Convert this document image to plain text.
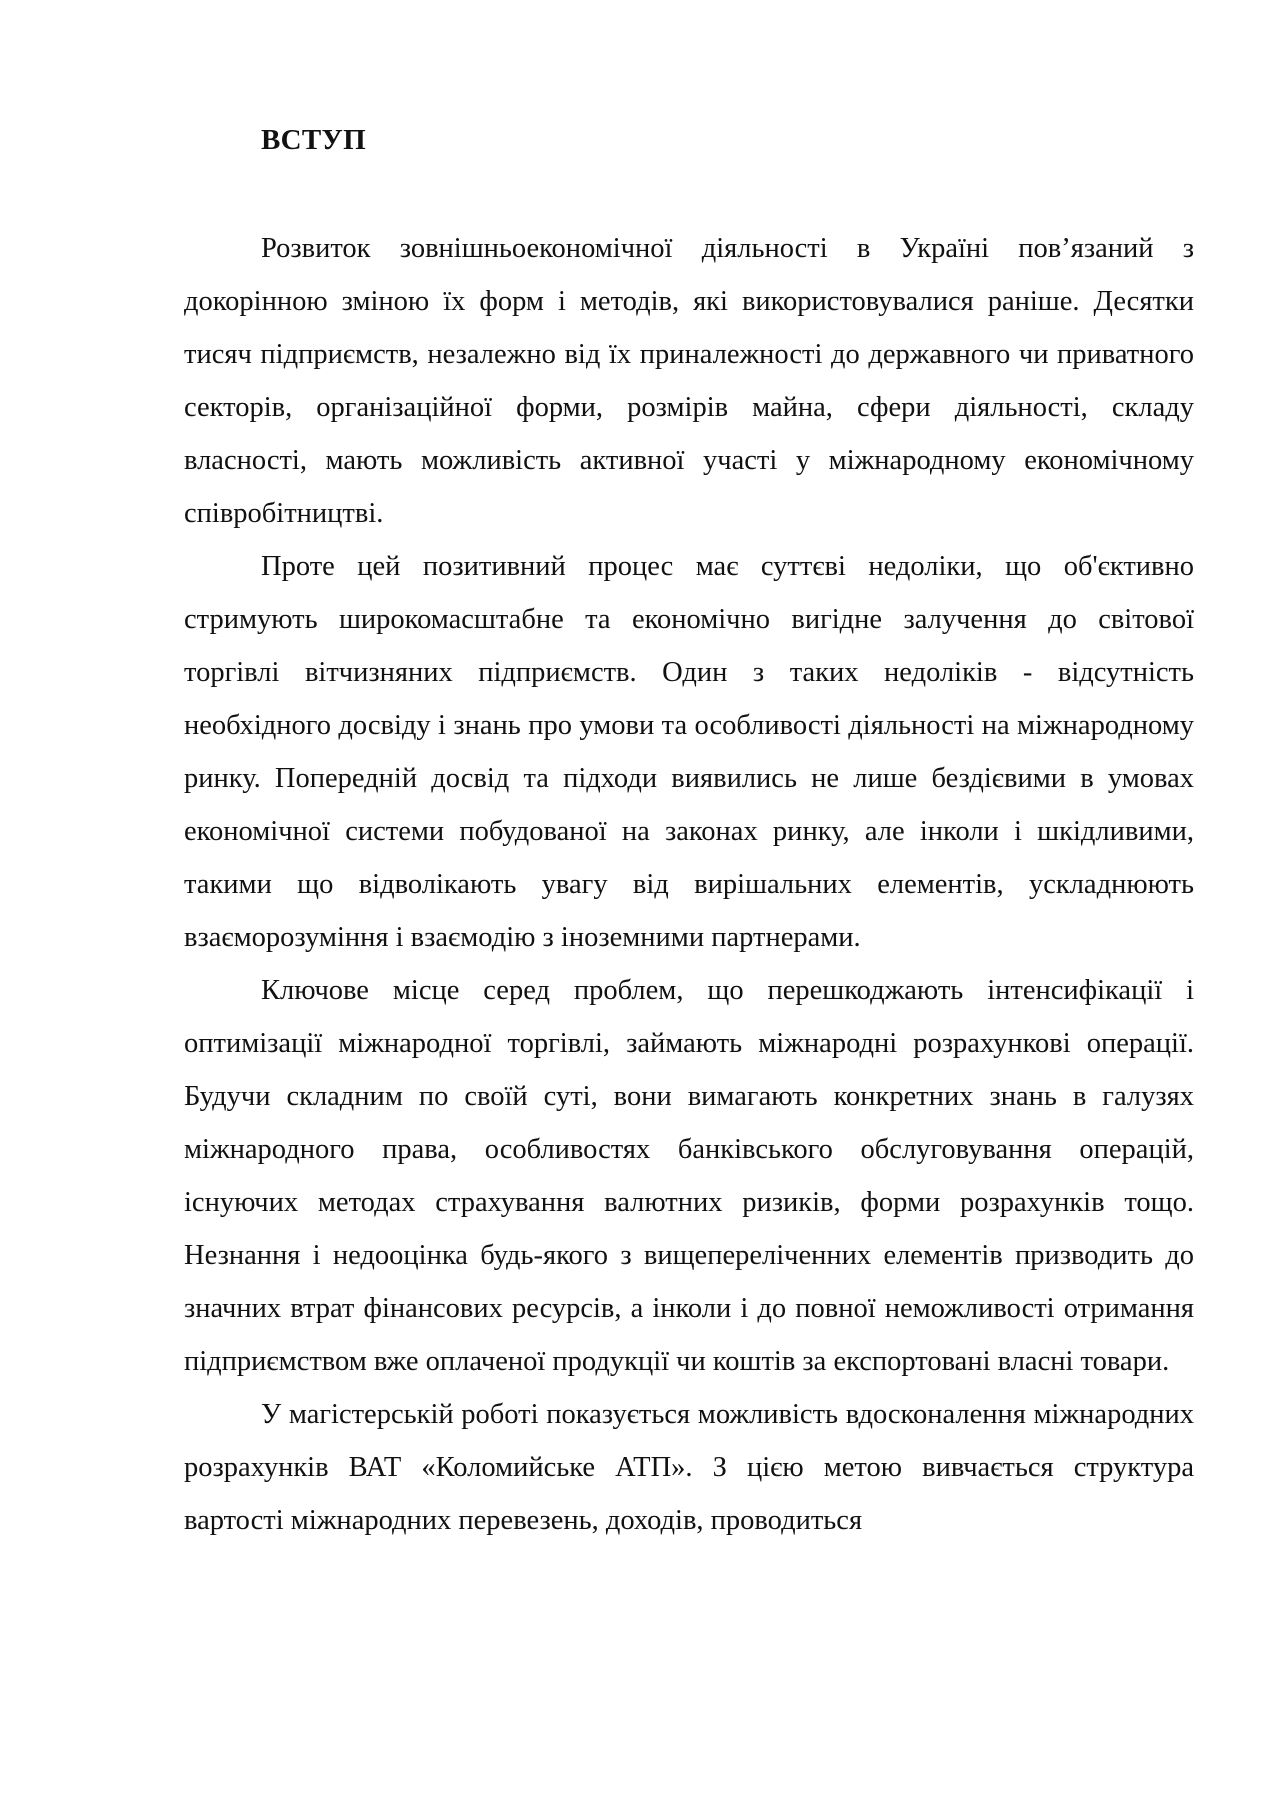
ВСТУП

Розвиток зовнішньоекономічної діяльності в Україні пов’язаний з докорінною зміною їх форм і методів, які використовувалися раніше. Десятки тисяч підприємств, незалежно від їх приналежності до державного чи приватного секторів, організаційної форми, розмірів майна, сфери діяльності, складу власності, мають можливість активної участі у міжнародному економічному співробітництві.

Проте цей позитивний процес має суттєві недоліки, що об'єктивно стримують широкомасштабне та економічно вигідне залучення до світової торгівлі вітчизняних підприємств. Один з таких недоліків - відсутність необхідного досвіду і знань про умови та особливості діяльності на міжнародному ринку. Попередній досвід та підходи виявились не лише бездієвими в умовах економічної системи побудованої на законах ринку, але інколи і шкідливими, такими що відволікають увагу від вирішальних елементів, ускладнюють взаєморозуміння і взаємодію з іноземними партнерами.

Ключове місце серед проблем, що перешкоджають інтенсифікації і оптимізації міжнародної торгівлі, займають міжнародні розрахункові операції. Будучи складним по своїй суті, вони вимагають конкретних знань в галузях міжнародного права, особливостях банківського обслуговування операцій, існуючих методах страхування валютних ризиків, форми розрахунків тощо. Незнання і недооцінка будь-якого з вищепереліченних елементів призводить до значних втрат фінансових ресурсів, а інколи і до повної неможливості отримання підприємством вже оплаченої продукції чи коштів за експортовані власні товари.

У магістерській роботі показується можливість вдосконалення міжнародних розрахунків ВАТ «Коломийське АТП». З цією метою вивчається структура вартості міжнародних перевезень, доходів, проводиться
